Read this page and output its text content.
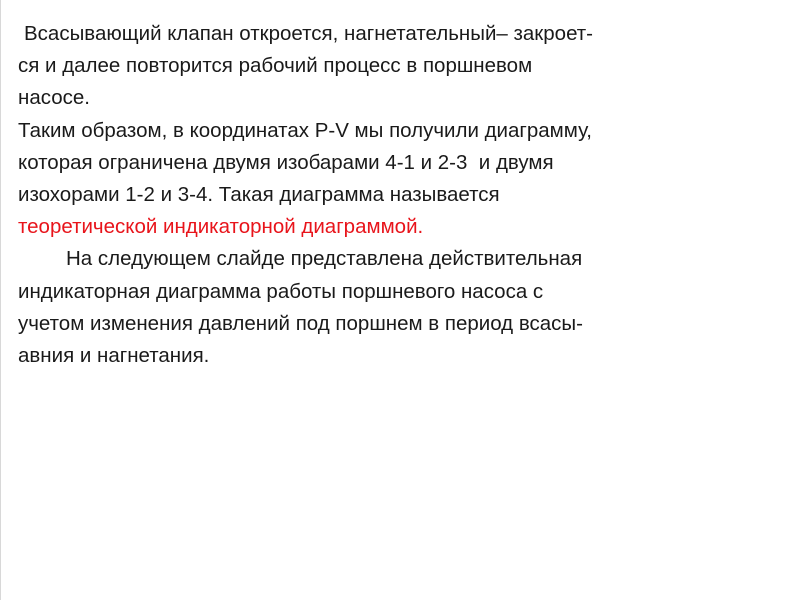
Всасывающий клапан откроется, нагнетательный– закроет-
ся и далее повторится рабочий процесс в поршневом
насосе.
Таким образом, в координатах P-V мы получили диаграмму,
которая ограничена двумя изобарами 4-1 и 2-3  и двумя
изохорами 1-2 и 3-4. Такая диаграмма называется
теоретической индикаторной диаграммой.
На следующем слайде представлена действительная
индикаторная диаграмма работы поршневого насоса с
учетом изменения давлений под поршнем в период всасы-
авния и нагнетания.
